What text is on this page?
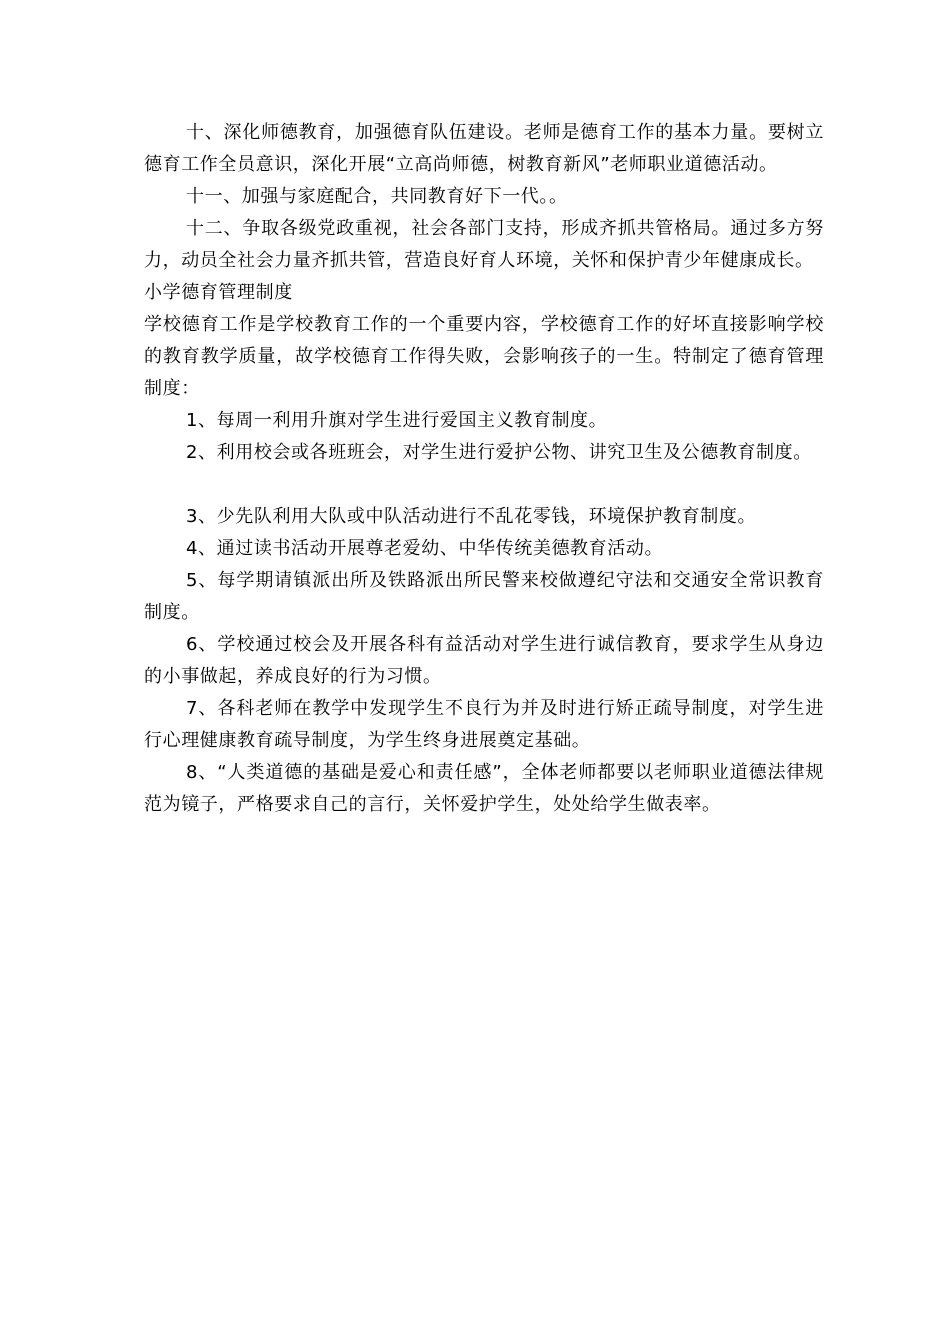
十、深化师德教育，加强德育队伍建设。老师是德育工作的基本力量。要树立德育工作全员意识，深化开展“立高尚师德，树教育新风”老师职业道德活动。

十一、加强与家庭配合，共同教育好下一代。。

十二、争取各级党政重视，社会各部门支持，形成齐抓共管格局。通过多方努力，动员全社会力量齐抓共管，营造良好育人环境，关怀和保护青少年健康成长。

小学德育管理制度

学校德育工作是学校教育工作的一个重要内容，学校德育工作的好坏直接影响学校的教育教学质量，故学校德育工作得失败，会影响孩子的一生。特制定了德育管理制度：

1、每周一利用升旗对学生进行爱国主义教育制度。

2、利用校会或各班班会，对学生进行爱护公物、讲究卫生及公德教育制度。

3、少先队利用大队或中队活动进行不乱花零钱，环境保护教育制度。

4、通过读书活动开展尊老爱幼、中华传统美德教育活动。

5、每学期请镇派出所及铁路派出所民警来校做遵纪守法和交通安全常识教育制度。

6、学校通过校会及开展各科有益活动对学生进行诚信教育，要求学生从身边的小事做起，养成良好的行为习惯。

7、各科老师在教学中发现学生不良行为并及时进行矫正疏导制度，对学生进行心理健康教育疏导制度，为学生终身进展奠定基础。

8、“人类道德的基础是爱心和责任感”，全体老师都要以老师职业道德法律规范为镜子，严格要求自己的言行，关怀爱护学生，处处给学生做表率。
